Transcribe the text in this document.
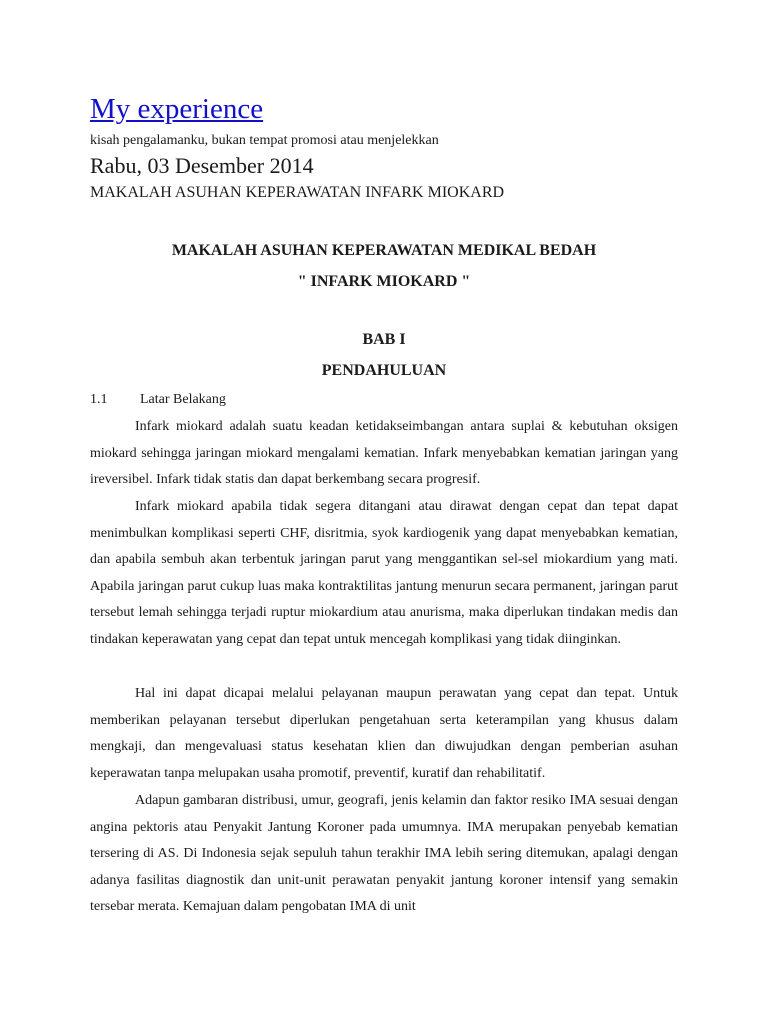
My experience
kisah pengalamanku, bukan tempat promosi atau menjelekkan
Rabu, 03 Desember 2014
MAKALAH ASUHAN KEPERAWATAN INFARK MIOKARD
MAKALAH ASUHAN KEPERAWATAN MEDIKAL BEDAH
" INFARK MIOKARD "
BAB I
PENDAHULUAN
1.1 Latar Belakang

Infark miokard adalah suatu keadan ketidakseimbangan antara suplai & kebutuhan oksigen miokard sehingga jaringan miokard mengalami kematian. Infark menyebabkan kematian jaringan yang ireversibel. Infark tidak statis dan dapat berkembang secara progresif.

Infark miokard apabila tidak segera ditangani atau dirawat dengan cepat dan tepat dapat menimbulkan komplikasi seperti CHF, disritmia, syok kardiogenik yang dapat menyebabkan kematian, dan apabila sembuh akan terbentuk jaringan parut yang menggantikan sel-sel miokardium yang mati. Apabila jaringan parut cukup luas maka kontraktilitas jantung menurun secara permanent, jaringan parut tersebut lemah sehingga terjadi ruptur miokardium atau anurisma, maka diperlukan tindakan medis dan tindakan keperawatan yang cepat dan tepat untuk mencegah komplikasi yang tidak diinginkan.

Hal ini dapat dicapai melalui pelayanan maupun perawatan yang cepat dan tepat. Untuk memberikan pelayanan tersebut diperlukan pengetahuan serta keterampilan yang khusus dalam mengkaji, dan mengevaluasi status kesehatan klien dan diwujudkan dengan pemberian asuhan keperawatan tanpa melupakan usaha promotif, preventif, kuratif dan rehabilitatif.

Adapun gambaran distribusi, umur, geografi, jenis kelamin dan faktor resiko IMA sesuai dengan angina pektoris atau Penyakit Jantung Koroner pada umumnya. IMA merupakan penyebab kematian tersering di AS. Di Indonesia sejak sepuluh tahun terakhir IMA lebih sering ditemukan, apalagi dengan adanya fasilitas diagnostik dan unit-unit perawatan penyakit jantung koroner intensif yang semakin tersebar merata. Kemajuan dalam pengobatan IMA di unit
